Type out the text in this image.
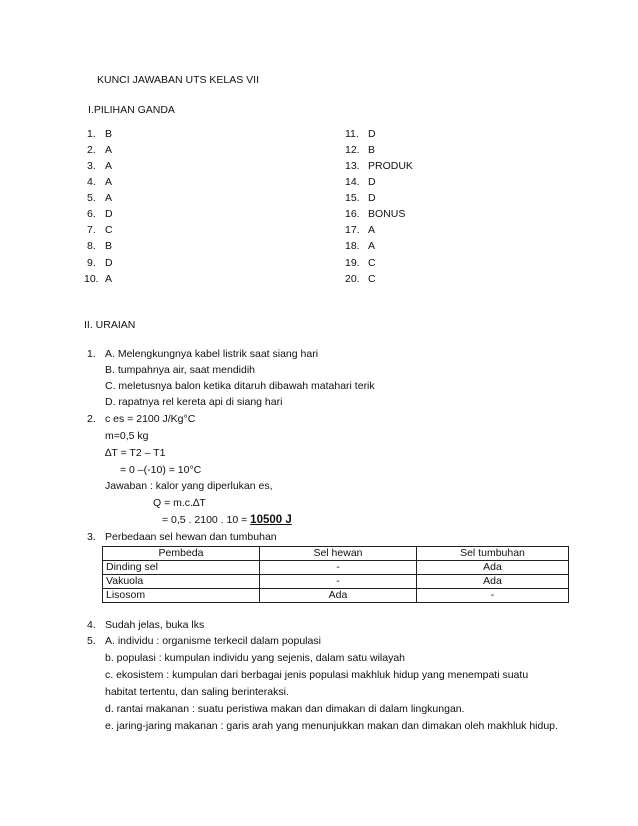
KUNCI JAWABAN UTS KELAS VII
I.PILIHAN GANDA
1. B
2. A
3. A
4. A
5. A
6. D
7. C
8. B
9. D
10. A
11. D
12. B
13. PRODUK
14. D
15. D
16. BONUS
17. A
18. A
19. C
20. C
II. URAIAN
1. A. Melengkungnya kabel listrik saat siang hari
B. tumpahnya air, saat mendidih
C. meletusnya balon ketika ditaruh dibawah matahari terik
D. rapatnya rel kereta api di siang hari
2. c es = 2100 J/Kg°C
m=0,5 kg
∆T = T2 – T1
= 0 –(-10) = 10°C
Jawaban : kalor yang diperlukan es,
Q = m.c.∆T
= 0,5 . 2100 . 10 = 10500 J
3. Perbedaan sel hewan dan tumbuhan
Pembeda	Sel hewan	Sel tumbuhan
Dinding sel	-	Ada
Vakuola	-	Ada
Lisosom	Ada	-
4. Sudah jelas, buka lks
5. A. individu : organisme terkecil dalam populasi
b. populasi : kumpulan individu yang sejenis, dalam satu wilayah
c. ekosistem : kumpulan dari berbagai jenis populasi makhluk hidup yang menempati suatu
habitat tertentu, dan saling berinteraksi.
d. rantai makanan : suatu peristiwa makan dan dimakan di dalam lingkungan.
e. jaring-jaring makanan : garis arah yang menunjukkan makan dan dimakan oleh makhluk hidup.
